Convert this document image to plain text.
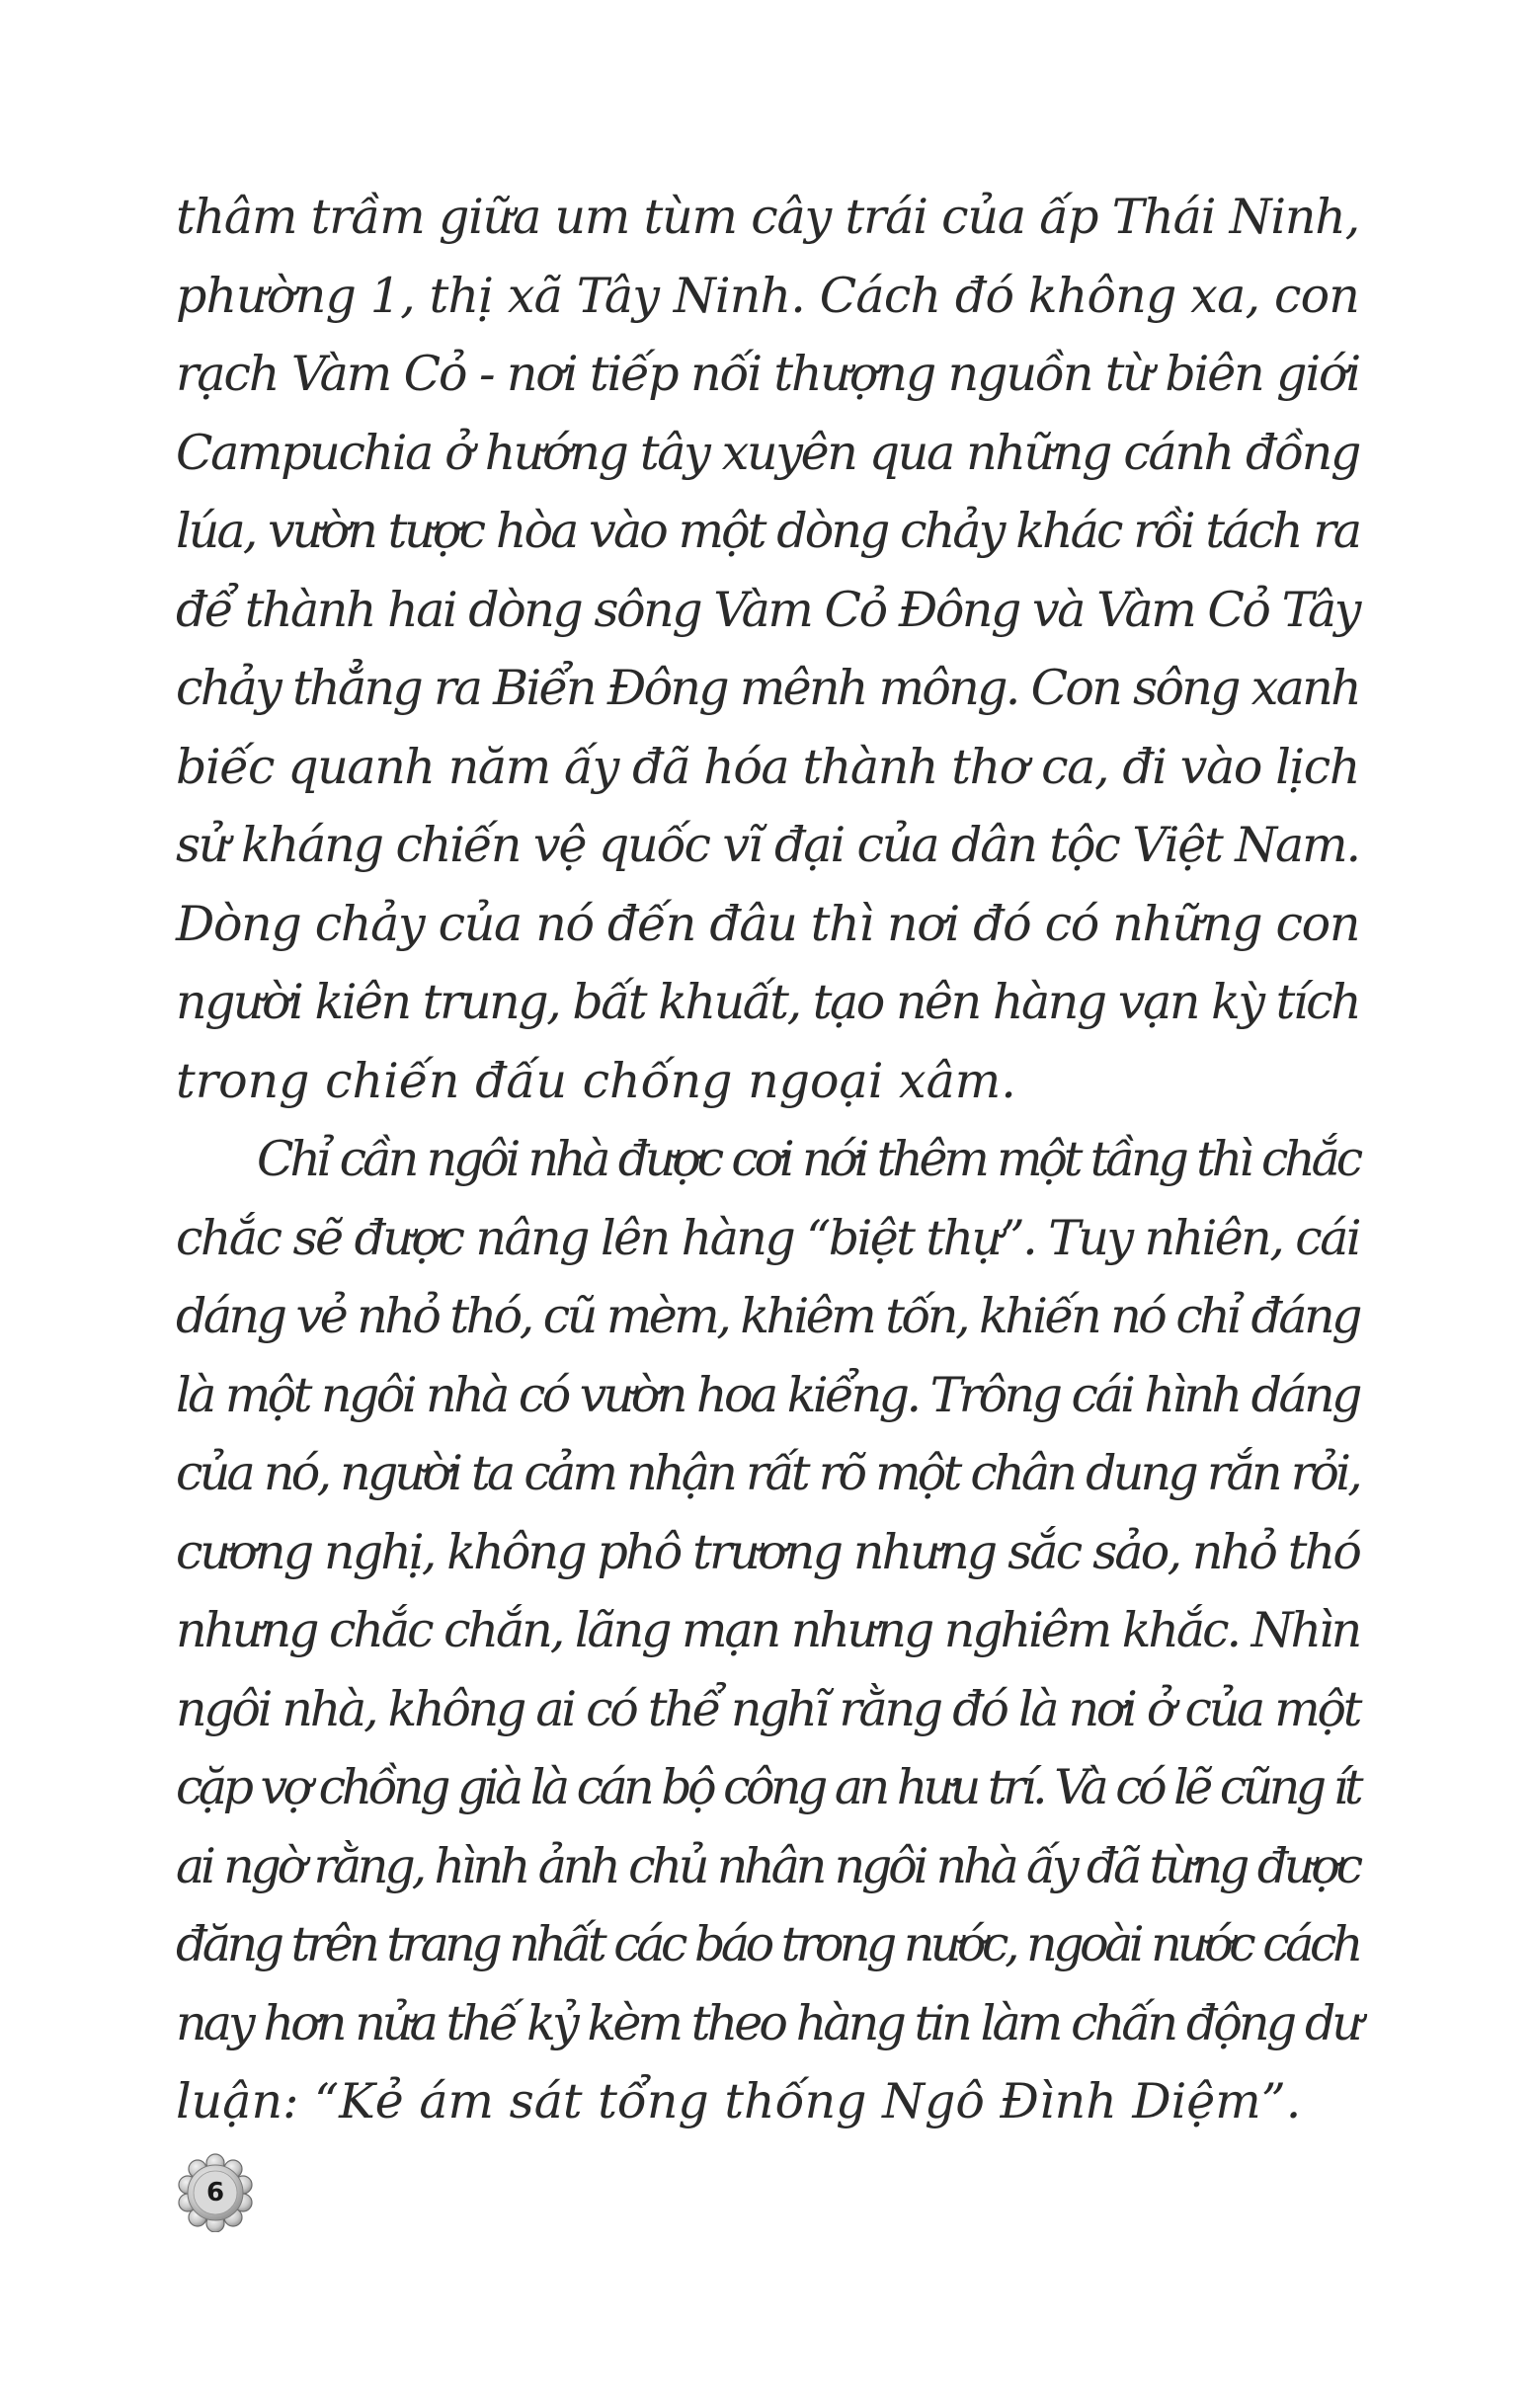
thâm trầm giữa um tùm cây trái của ấp Thái Ninh,
phường 1, thị xã Tây Ninh. Cách đó không xa, con
rạch Vàm Cỏ - nơi tiếp nối thượng nguồn từ biên giới
Campuchia ở hướng tây xuyên qua những cánh đồng
lúa, vườn tược hòa vào một dòng chảy khác rồi tách ra
để thành hai dòng sông Vàm Cỏ Đông và Vàm Cỏ Tây
chảy thẳng ra Biển Đông mênh mông. Con sông xanh
biếc quanh năm ấy đã hóa thành thơ ca, đi vào lịch
sử kháng chiến vệ quốc vĩ đại của dân tộc Việt Nam.
Dòng chảy của nó đến đâu thì nơi đó có những con
người kiên trung, bất khuất, tạo nên hàng vạn kỳ tích
trong chiến đấu chống ngoại xâm.
Chỉ cần ngôi nhà được cơi nới thêm một tầng thì chắc
chắc sẽ được nâng lên hàng “biệt thự”. Tuy nhiên, cái
dáng vẻ nhỏ thó, cũ mèm, khiêm tốn, khiến nó chỉ đáng
là một ngôi nhà có vườn hoa kiểng. Trông cái hình dáng
của nó, người ta cảm nhận rất rõ một chân dung rắn rỏi,
cương nghị, không phô trương nhưng sắc sảo, nhỏ thó
nhưng chắc chắn, lãng mạn nhưng nghiêm khắc. Nhìn
ngôi nhà, không ai có thể nghĩ rằng đó là nơi ở của một
cặp vợ chồng già là cán bộ công an hưu trí. Và có lẽ cũng ít
ai ngờ rằng, hình ảnh chủ nhân ngôi nhà ấy đã từng được
đăng trên trang nhất các báo trong nước, ngoài nước cách
nay hơn nửa thế kỷ kèm theo hàng tin làm chấn động dư
luận: “Kẻ ám sát tổng thống Ngô Đình Diệm”.
6
